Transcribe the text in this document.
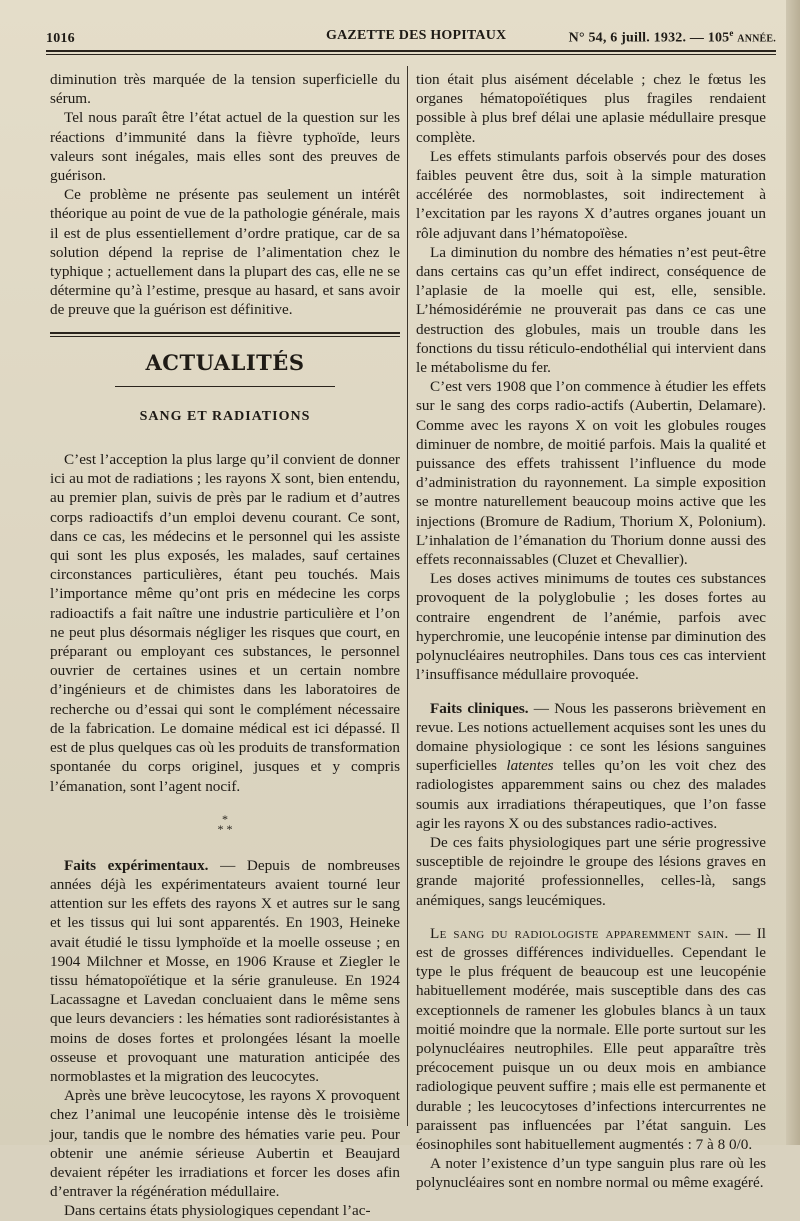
1016	GAZETTE DES HOPITAUX	N° 54, 6 juill. 1932. — 105e ANNÉE.

diminution très marquée de la tension superficielle du sérum.

Tel nous paraît être l’état actuel de la question sur les réactions d’immunité dans la fièvre typhoïde, leurs valeurs sont inégales, mais elles sont des preuves de guérison.

Ce problème ne présente pas seulement un intérêt théorique au point de vue de la pathologie générale, mais il est de plus essentiellement d’ordre pratique, car de sa solution dépend la reprise de l’alimentation chez le typhique ; actuellement dans la plupart des cas, elle ne se détermine qu’à l’estime, presque au hasard, et sans avoir de preuve que la guérison est définitive.

ACTUALITÉS
SANG ET RADIATIONS

C’est l’acception la plus large qu’il convient de donner ici au mot de radiations ; les rayons X sont, bien entendu, au premier plan, suivis de près par le radium et d’autres corps radioactifs d’un emploi devenu courant. Ce sont, dans ce cas, les médecins et le personnel qui les assiste qui sont les plus exposés, les malades, sauf certaines circonstances particulières, étant peu touchés. Mais l’importance même qu’ont pris en médecine les corps radioactifs a fait naître une industrie particulière et l’on ne peut plus désormais négliger les risques que court, en préparant ou employant ces substances, le personnel ouvrier de certaines usines et un certain nombre d’ingénieurs et de chimistes dans les laboratoires de recherche ou d’essai qui sont le complément nécessaire de la fabrication. Le domaine médical est ici dépassé. Il est de plus quelques cas où les produits de transformation spontanée du corps originel, jusques et y compris l’émanation, sont l’agent nocif.

*
* *

Faits expérimentaux. — Depuis de nombreuses années déjà les expérimentateurs avaient tourné leur attention sur les effets des rayons X et autres sur le sang et les tissus qui lui sont apparentés. En 1903, Heineke avait étudié le tissu lymphoïde et la moelle osseuse ; en 1904 Milchner et Mosse, en 1906 Krause et Ziegler le tissu hématopoïétique et la série granuleuse. En 1924 Lacassagne et Lavedan concluaient dans le même sens que leurs devanciers : les hématies sont radiorésistantes à moins de doses fortes et prolongées lésant la moelle osseuse et provoquant une maturation anticipée des normoblastes et la migration des leucocytes.

Après une brève leucocytose, les rayons X provoquent chez l’animal une leucopénie intense dès le troisième jour, tandis que le nombre des hématies varie peu. Pour obtenir une anémie sérieuse Aubertin et Beaujard devaient répéter les irradiations et forcer les doses afin d’entraver la régénération médullaire.

Dans certains états physiologiques cependant l’ac-

tion était plus aisément décelable ; chez le fœtus les organes hématopoïétiques plus fragiles rendaient possible à plus bref délai une aplasie médullaire presque complète.

Les effets stimulants parfois observés pour des doses faibles peuvent être dus, soit à la simple maturation accélérée des normoblastes, soit indirectement à l’excitation par les rayons X d’autres organes jouant un rôle adjuvant dans l’hématopoïèse.

La diminution du nombre des hématies n’est peut-être dans certains cas qu’un effet indirect, conséquence de l’aplasie de la moelle qui est, elle, sensible. L’hémosidérémie ne prouverait pas dans ce cas une destruction des globules, mais un trouble dans les fonctions du tissu réticulo-endothélial qui intervient dans le métabolisme du fer.

C’est vers 1908 que l’on commence à étudier les effets sur le sang des corps radio-actifs (Aubertin, Delamare). Comme avec les rayons X on voit les globules rouges diminuer de nombre, de moitié parfois. Mais la qualité et puissance des effets trahissent l’influence du mode d’administration du rayonnement. La simple exposition se montre naturellement beaucoup moins active que les injections (Bromure de Radium, Thorium X, Polonium). L’inhalation de l’émanation du Thorium donne aussi des effets reconnaissables (Cluzet et Chevallier).

Les doses actives minimums de toutes ces substances provoquent de la polyglobulie ; les doses fortes au contraire engendrent de l’anémie, parfois avec hyperchromie, une leucopénie intense par diminution des polynucléaires neutrophiles. Dans tous ces cas intervient l’insuffisance médullaire provoquée.

Faits cliniques. — Nous les passerons brièvement en revue. Les notions actuellement acquises sont les unes du domaine physiologique : ce sont les lésions sanguines superficielles latentes telles qu’on les voit chez des radiologistes apparemment sains ou chez des malades soumis aux irradiations thérapeutiques, que l’on fasse agir les rayons X ou des substances radio-actives.

De ces faits physiologiques part une série progressive susceptible de rejoindre le groupe des lésions graves en grande majorité professionnelles, celles-là, sangs anémiques, sangs leucémiques.

Le sang du radiologiste apparemment sain. — Il est de grosses différences individuelles. Cependant le type le plus fréquent de beaucoup est une leucopénie habituellement modérée, mais susceptible dans des cas exceptionnels de ramener les globules blancs à un taux moitié moindre que la normale. Elle porte surtout sur les polynucléaires neutrophiles. Elle peut apparaître très précocement puisque un ou deux mois en ambiance radiologique peuvent suffire ; mais elle est permanente et durable ; les leucocytoses d’infections intercurrentes ne paraissent pas influencées par l’état sanguin. Les éosinophiles sont habituellement augmentés : 7 à 8 0/0.

A noter l’existence d’un type sanguin plus rare où les polynucléaires sont en nombre normal ou même exagéré.
